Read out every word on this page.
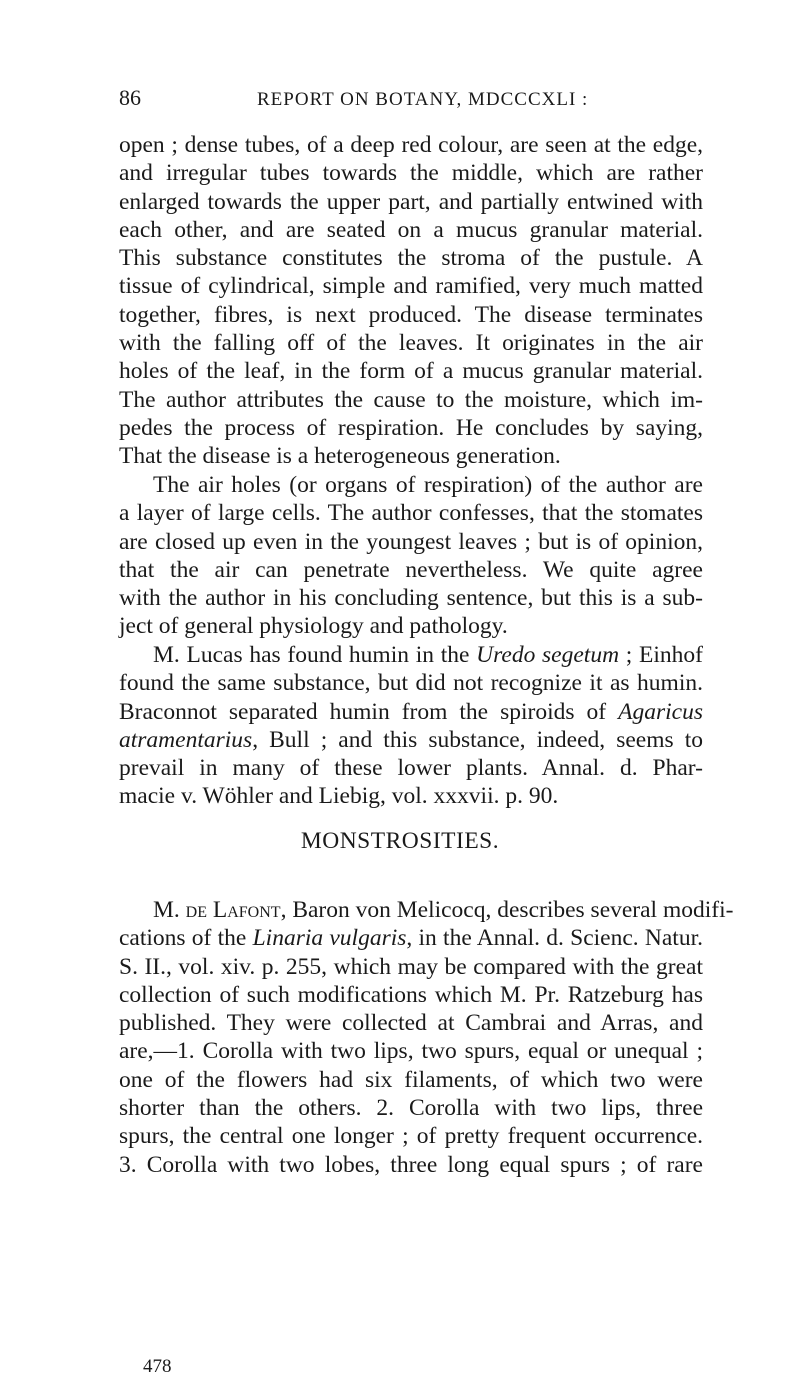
86	REPORT ON BOTANY, MDCCCXLI :
open ; dense tubes, of a deep red colour, are seen at the edge,
and irregular tubes towards the middle, which are rather
enlarged towards the upper part, and partially entwined with
each other, and are seated on a mucus granular material.
This substance constitutes the stroma of the pustule. A
tissue of cylindrical, simple and ramified, very much matted
together, fibres, is next produced. The disease terminates
with the falling off of the leaves. It originates in the air
holes of the leaf, in the form of a mucus granular material.
The author attributes the cause to the moisture, which im-
pedes the process of respiration. He concludes by saying,
That the disease is a heterogeneous generation.
The air holes (or organs of respiration) of the author are
a layer of large cells. The author confesses, that the stomates
are closed up even in the youngest leaves ; but is of opinion,
that the air can penetrate nevertheless. We quite agree
with the author in his concluding sentence, but this is a sub-
ject of general physiology and pathology.
M. Lucas has found humin in the Uredo segetum ; Einhof
found the same substance, but did not recognize it as humin.
Braconnot separated humin from the spiroids of Agaricus
atramentarius, Bull ; and this substance, indeed, seems to
prevail in many of these lower plants. Annal. d. Phar-
macie v. Wöhler and Liebig, vol. xxxvii. p. 90.
MONSTROSITIES.
M. de Lafont, Baron von Melicocq, describes several modifi-
cations of the Linaria vulgaris, in the Annal. d. Scienc. Natur.
S. II., vol. xiv. p. 255, which may be compared with the great
collection of such modifications which M. Pr. Ratzeburg has
published. They were collected at Cambrai and Arras, and
are,—1. Corolla with two lips, two spurs, equal or unequal ;
one of the flowers had six filaments, of which two were
shorter than the others. 2. Corolla with two lips, three
spurs, the central one longer ; of pretty frequent occurrence.
3. Corolla with two lobes, three long equal spurs ; of rare
478
